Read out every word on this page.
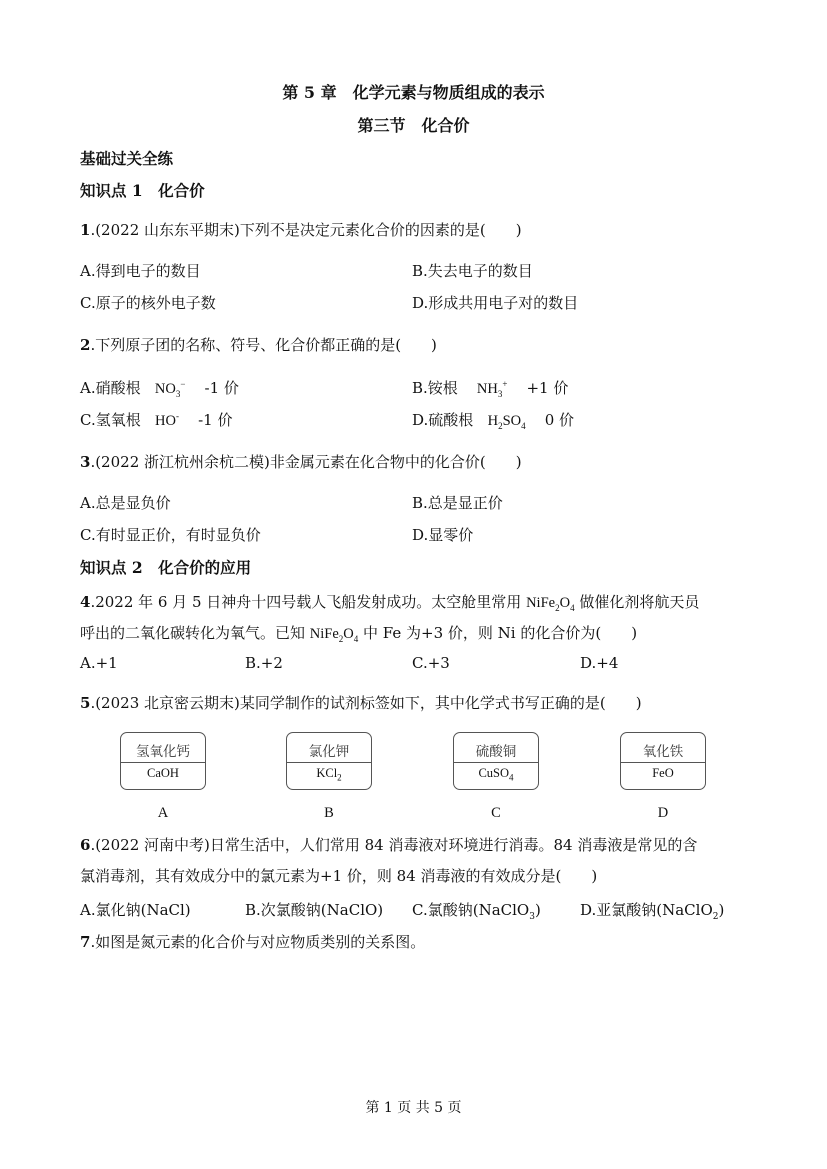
第 5 章　化学元素与物质组成的表示
第三节　化合价
基础过关全练
知识点 1　化合价
1.(2022 山东东平期末)下列不是决定元素化合价的因素的是(　　)
A.得到电子的数目	B.失去电子的数目
C.原子的核外电子数	D.形成共用电子对的数目
2.下列原子团的名称、符号、化合价都正确的是(　　)
A.硝酸根 $NO_3^-$ -1 价	B.铵根 $NH_3^+ +1$ 价
C.氢氧根 HO- -1 价	D.硫酸根 $H_2SO_4$ 0 价
3.(2022 浙江杭州余杭二模)非金属元素在化合物中的化合价(　　)
A.总是显负价	B.总是显正价
C.有时显正价，有时显负价	D.显零价
知识点 2　化合价的应用
4.2022 年 6 月 5 日神舟十四号载人飞船发射成功。太空舱里常用 $NiFe_2O_4$ 做催化剂将航天员
呼出的二氧化碳转化为氧气。已知 $NiFe_2O_4$ 中 Fe 为+3 价，则 Ni 的化合价为(　　)
A.+1	B.+2	C.+3	D.+4
5.(2023 北京密云期末)某同学制作的试剂标签如下，其中化学式书写正确的是(　　)
氢氧化钙
CaOH
氯化钾
KCl$_2$
硫酸铜
CuSO$_4$
氧化铁
FeO
A	B	C	D
6.(2022 河南中考)日常生活中，人们常用 84 消毒液对环境进行消毒。84 消毒液是常见的含
氯消毒剂，其有效成分中的氯元素为+1 价，则 84 消毒液的有效成分是(　　)
A.氯化钠(NaCl)	B.次氯酸钠(NaClO) C.氯酸钠(NaClO$_3$)	D.亚氯酸钠(NaClO$_2$)
7.如图是氮元素的化合价与对应物质类别的关系图。
第 1 页 共 5 页
